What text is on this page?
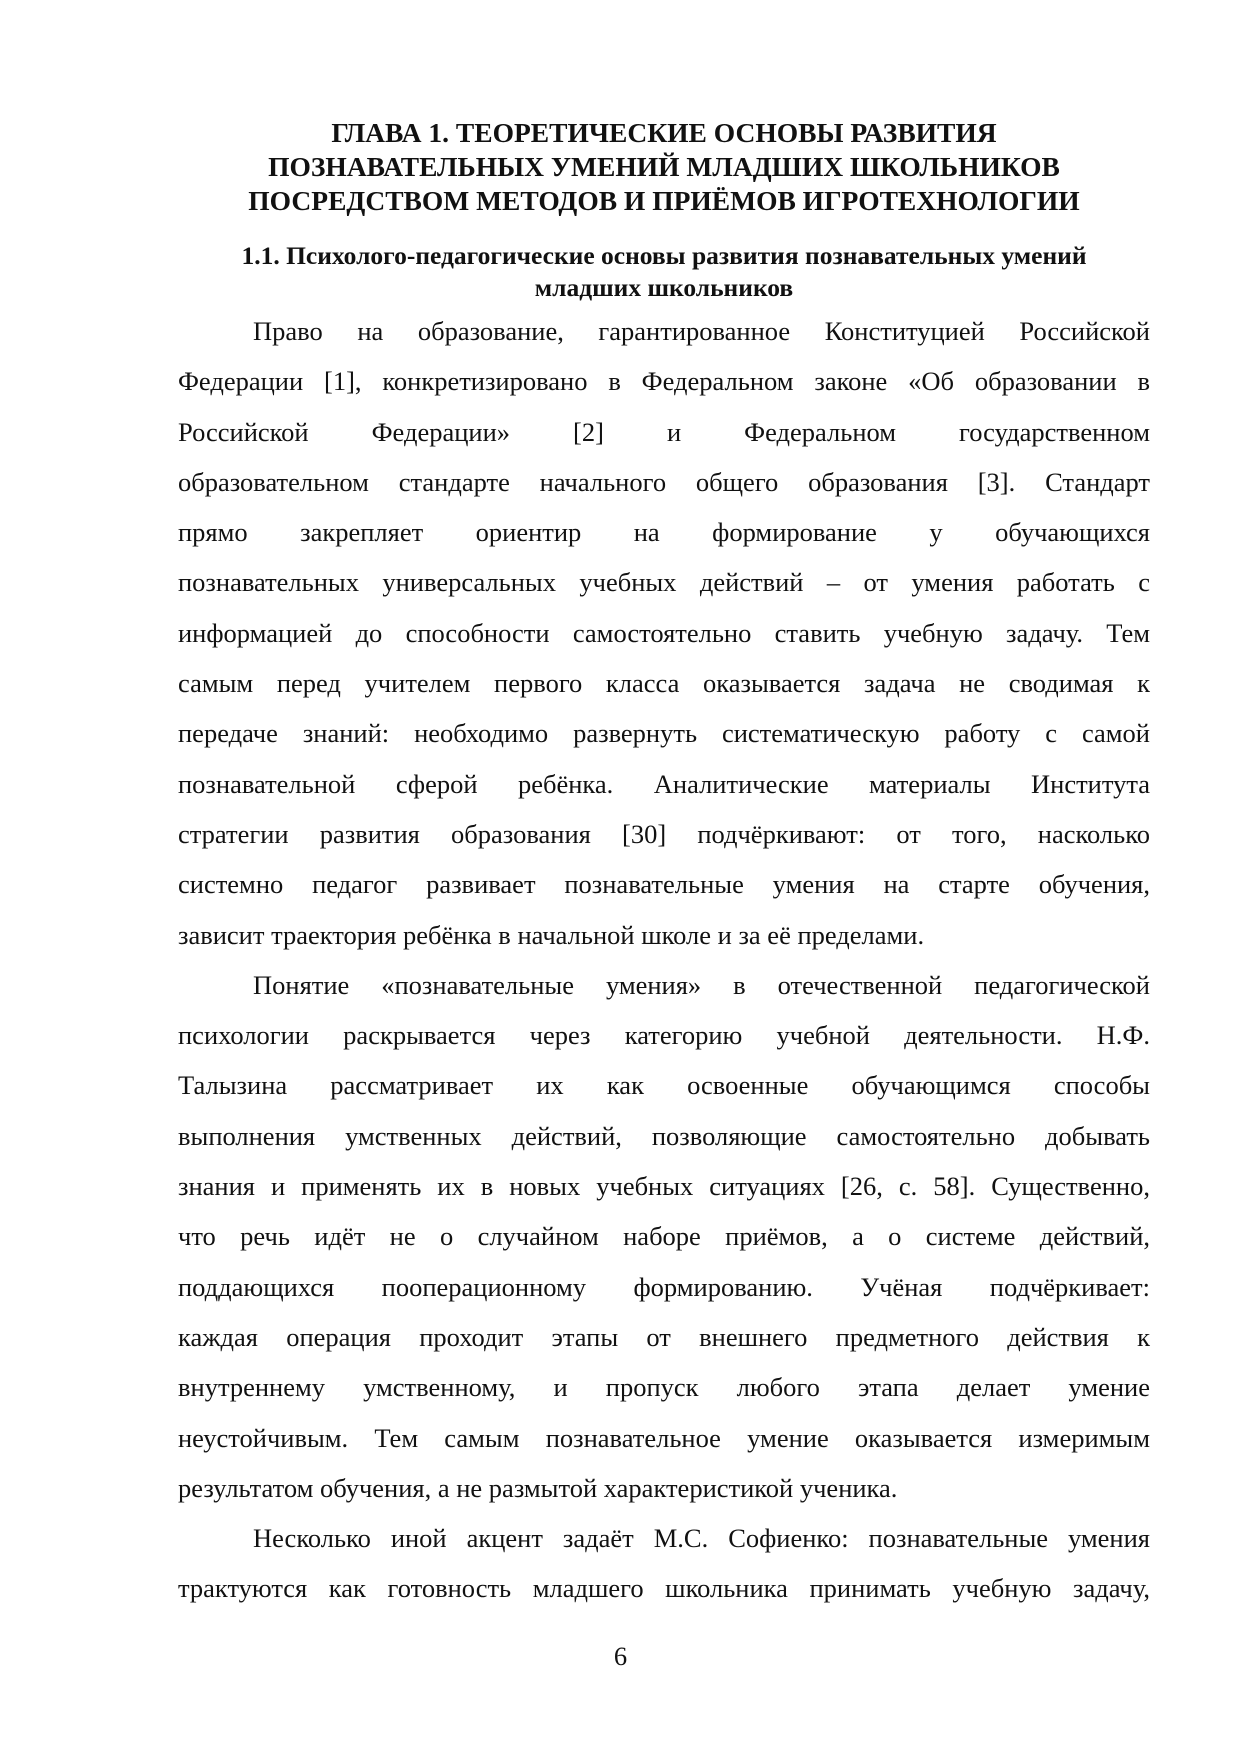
ГЛАВА 1. ТЕОРЕТИЧЕСКИЕ ОСНОВЫ РАЗВИТИЯ
ПОЗНАВАТЕЛЬНЫХ УМЕНИЙ МЛАДШИХ ШКОЛЬНИКОВ
ПОСРЕДСТВОМ МЕТОДОВ И ПРИЁМОВ ИГРОТЕХНОЛОГИИ
1.1. Психолого-педагогические основы развития познавательных умений
младших школьников

Право на образование, гарантированное Конституцией Российской
Федерации [1], конкретизировано в Федеральном законе «Об образовании в
Российской Федерации» [2] и Федеральном государственном
образовательном стандарте начального общего образования [3]. Стандарт
прямо закрепляет ориентир на формирование у обучающихся
познавательных универсальных учебных действий – от умения работать с
информацией до способности самостоятельно ставить учебную задачу. Тем
самым перед учителем первого класса оказывается задача не сводимая к
передаче знаний: необходимо развернуть систематическую работу с самой
познавательной сферой ребёнка. Аналитические материалы Института
стратегии развития образования [30] подчёркивают: от того, насколько
системно педагог развивает познавательные умения на старте обучения,
зависит траектория ребёнка в начальной школе и за её пределами.

Понятие «познавательные умения» в отечественной педагогической
психологии раскрывается через категорию учебной деятельности. Н.Ф.
Талызина рассматривает их как освоенные обучающимся способы
выполнения умственных действий, позволяющие самостоятельно добывать
знания и применять их в новых учебных ситуациях [26, с. 58]. Существенно,
что речь идёт не о случайном наборе приёмов, а о системе действий,
поддающихся пооперационному формированию. Учёная подчёркивает:
каждая операция проходит этапы от внешнего предметного действия к
внутреннему умственному, и пропуск любого этапа делает умение
неустойчивым. Тем самым познавательное умение оказывается измеримым
результатом обучения, а не размытой характеристикой ученика.

Несколько иной акцент задаёт М.С. Софиенко: познавательные умения
трактуются как готовность младшего школьника принимать учебную задачу,

6
